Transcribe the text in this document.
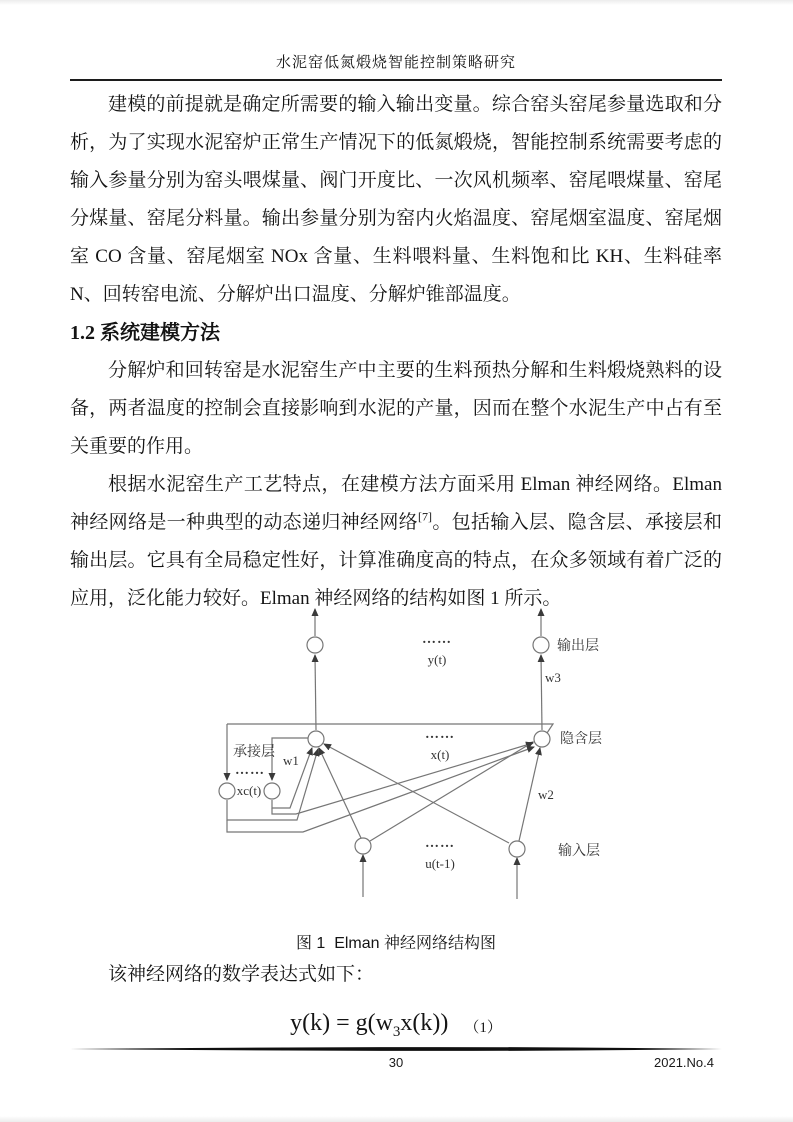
水泥窑低氮煅烧智能控制策略研究

建模的前提就是确定所需要的输入输出变量。综合窑头窑尾参量选取和分析，为了实现水泥窑炉正常生产情况下的低氮煅烧，智能控制系统需要考虑的输入参量分别为窑头喂煤量、阀门开度比、一次风机频率、窑尾喂煤量、窑尾分煤量、窑尾分料量。输出参量分别为窑内火焰温度、窑尾烟室温度、窑尾烟室 CO 含量、窑尾烟室 NOx 含量、生料喂料量、生料饱和比 KH、生料硅率 N、回转窑电流、分解炉出口温度、分解炉锥部温度。

1.2 系统建模方法

分解炉和回转窑是水泥窑生产中主要的生料预热分解和生料煅烧熟料的设备，两者温度的控制会直接影响到水泥的产量，因而在整个水泥生产中占有至关重要的作用。

根据水泥窑生产工艺特点，在建模方法方面采用 Elman 神经网络。Elman 神经网络是一种典型的动态递归神经网络[7]。包括输入层、隐含层、承接层和输出层。它具有全局稳定性好，计算准确度高的特点，在众多领域有着广泛的应用，泛化能力较好。Elman 神经网络的结构如图 1 所示。

图 1  Elman 神经网络结构图

该神经网络的数学表达式如下：

$y(k) = g(w_3x(k))$ （1）
……
y(t)
输出层
w3
……
x(t)
隐含层
承接层
……
xc(t)
w1
w2
……
u(t-1)
输入层
30	2021.No.4
